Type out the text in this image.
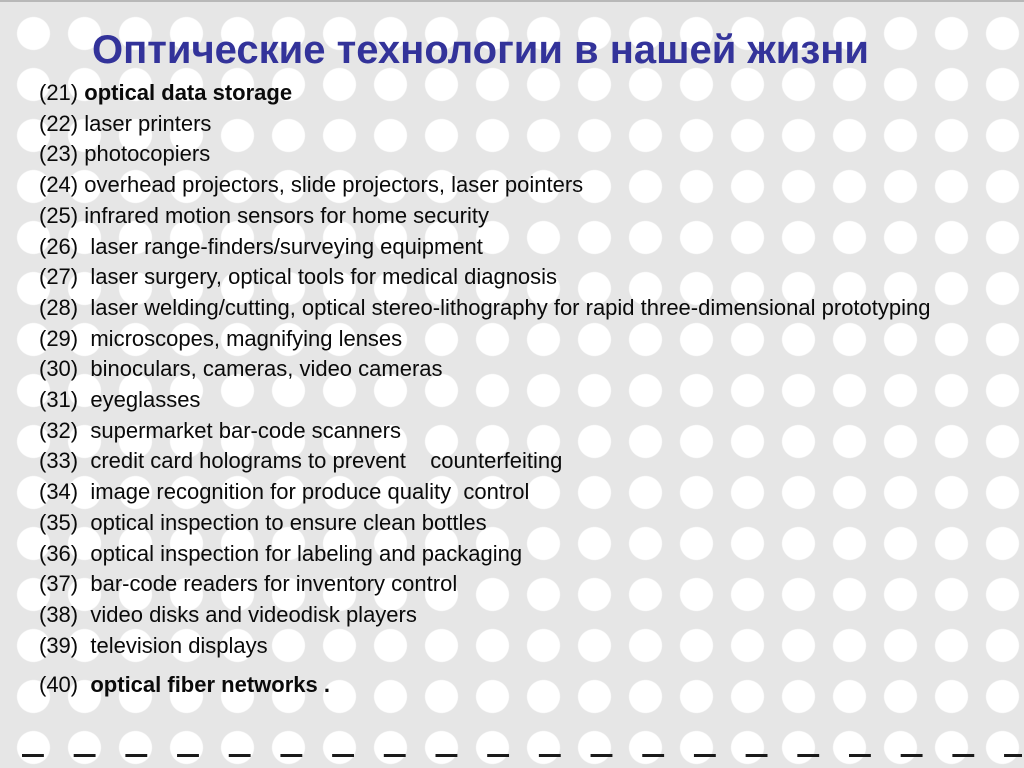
Оптические технологии в нашей жизни
(21) optical data storage
(22) laser printers
(23) photocopiers
(24) overhead projectors, slide projectors, laser pointers
(25) infrared motion sensors for home security
(26)  laser range-finders/surveying equipment
(27)  laser surgery, optical tools for medical diagnosis
(28)  laser welding/cutting, optical stereo-lithography for rapid three-dimensional prototyping
(29)  microscopes, magnifying lenses
(30)  binoculars, cameras, video cameras
(31)  eyeglasses
(32)  supermarket bar-code scanners
(33)  credit card holograms to prevent    counterfeiting
(34)  image recognition for produce quality  control
(35)  optical inspection to ensure clean bottles
(36)  optical inspection for labeling and packaging
(37)  bar-code readers for inventory control
(38)  video disks and videodisk players
(39)  television displays
(40)  optical fiber networks .
